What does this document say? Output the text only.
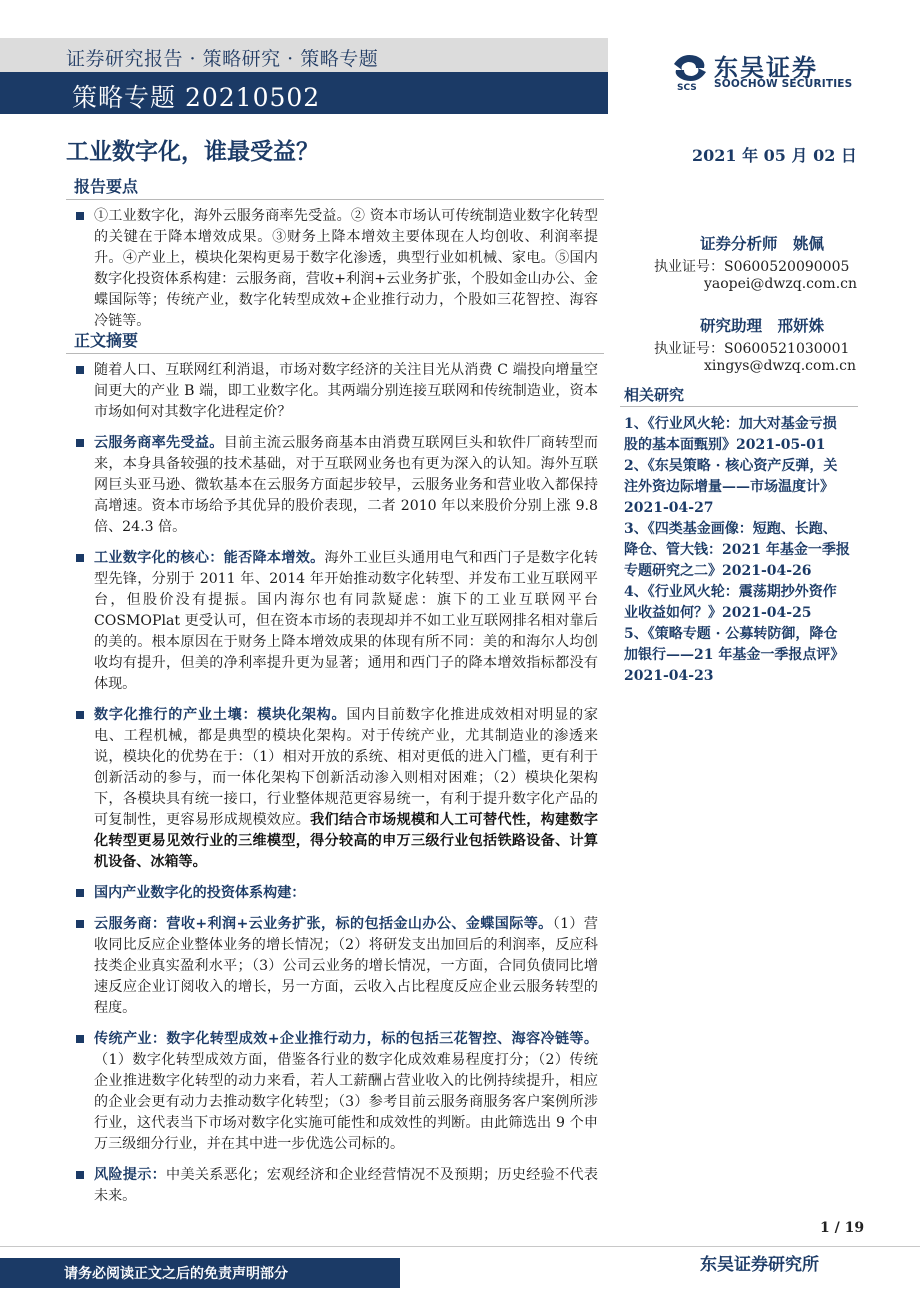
证券研究报告 · 策略研究 · 策略专题
策略专题 20210502	SCS
东吴证券
SOOCHOW SECURITIES
工业数字化，谁最受益？	2021 年 05 月 02 日
报告要点
①工业数字化，海外云服务商率先受益。② 资本市场认可传统制造业数字化转型的关键在于降本增效成果。③财务上降本增效主要体现在人均创收、利润率提升。④产业上，模块化架构更易于数字化渗透，典型行业如机械、家电。⑤国内数字化投资体系构建：云服务商，营收+利润+云业务扩张，个股如金山办公、金蝶国际等；传统产业，数字化转型成效+企业推行动力，个股如三花智控、海容冷链等。
正文摘要
随着人口、互联网红利消退，市场对数字经济的关注目光从消费 C 端投向增量空间更大的产业 B 端，即工业数字化。其两端分别连接互联网和传统制造业，资本市场如何对其数字化进程定价？
云服务商率先受益。目前主流云服务商基本由消费互联网巨头和软件厂商转型而来，本身具备较强的技术基础，对于互联网业务也有更为深入的认知。海外互联网巨头亚马逊、微软基本在云服务方面起步较早，云服务业务和营业收入都保持高增速。资本市场给予其优异的股价表现，二者 2010 年以来股价分别上涨 9.8 倍、24.3 倍。
工业数字化的核心：能否降本增效。海外工业巨头通用电气和西门子是数字化转型先锋，分别于 2011 年、2014 年开始推动数字化转型、并发布工业互联网平台，但股价没有提振。国内海尔也有同款疑虑：旗下的工业互联网平台 COSMOPlat 更受认可，但在资本市场的表现却并不如工业互联网排名相对靠后的美的。根本原因在于财务上降本增效成果的体现有所不同：美的和海尔人均创收均有提升，但美的净利率提升更为显著；通用和西门子的降本增效指标都没有体现。
数字化推行的产业土壤：模块化架构。国内目前数字化推进成效相对明显的家电、工程机械，都是典型的模块化架构。对于传统产业，尤其制造业的渗透来说，模块化的优势在于：（1）相对开放的系统、相对更低的进入门槛，更有利于创新活动的参与，而一体化架构下创新活动渗入则相对困难；（2）模块化架构下，各模块具有统一接口，行业整体规范更容易统一，有利于提升数字化产品的可复制性，更容易形成规模效应。我们结合市场规模和人工可替代性，构建数字化转型更易见效行业的三维模型，得分较高的申万三级行业包括铁路设备、计算机设备、冰箱等。
国内产业数字化的投资体系构建：
云服务商：营收+利润+云业务扩张，标的包括金山办公、金蝶国际等。（1）营收同比反应企业整体业务的增长情况；（2）将研发支出加回后的利润率，反应科技类企业真实盈利水平；（3）公司云业务的增长情况，一方面，合同负债同比增速反应企业订阅收入的增长，另一方面，云收入占比程度反应企业云服务转型的程度。
传统产业：数字化转型成效+企业推行动力，标的包括三花智控、海容冷链等。（1）数字化转型成效方面，借鉴各行业的数字化成效难易程度打分；（2）传统企业推进数字化转型的动力来看，若人工薪酬占营业收入的比例持续提升，相应的企业会更有动力去推动数字化转型；（3）参考目前云服务商服务客户案例所涉行业，这代表当下市场对数字化实施可能性和成效性的判断。由此筛选出 9 个申万三级细分行业，并在其中进一步优选公司标的。
风险提示：中美关系恶化；宏观经济和企业经营情况不及预期；历史经验不代表未来。
证券分析师　姚佩
执业证号：S0600520090005
yaopei@dwzq.com.cn
研究助理　邢妍姝
执业证号：S0600521030001
xingys@dwzq.com.cn
相关研究
1、《行业风火轮：加大对基金亏损股的基本面甄别》2021-05-01
2、《东吴策略 · 核心资产反弹，关注外资边际增量——市场温度计》2021-04-27
3、《四类基金画像：短跑、长跑、降仓、管大钱：2021 年基金一季报专题研究之二》2021-04-26
4、《行业风火轮：震荡期抄外资作业收益如何？》2021-04-25
5、《策略专题 · 公募转防御，降仓加银行——21 年基金一季报点评》2021-04-23
1 / 19
请务必阅读正文之后的免责声明部分	东吴证券研究所
